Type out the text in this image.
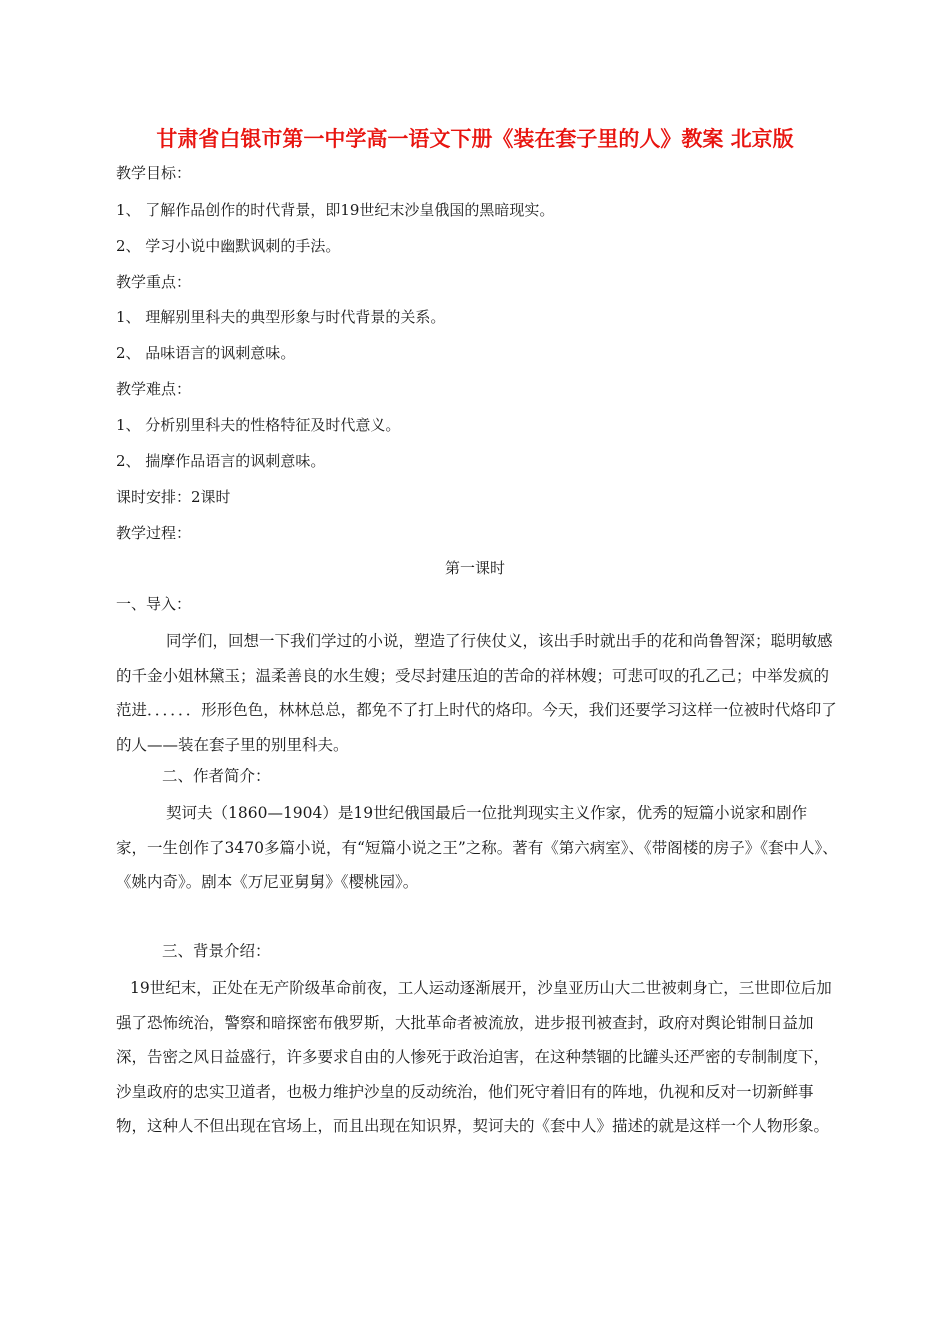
甘肃省白银市第一中学高一语文下册《装在套子里的人》教案 北京版
教学目标：
1、 了解作品创作的时代背景，即19世纪末沙皇俄国的黑暗现实。
2、 学习小说中幽默讽刺的手法。
教学重点：
1、 理解别里科夫的典型形象与时代背景的关系。
2、 品味语言的讽刺意味。
教学难点：
1、 分析别里科夫的性格特征及时代意义。
2、 揣摩作品语言的讽刺意味。
课时安排：2课时
教学过程：
第一课时
一、导入：
同学们，回想一下我们学过的小说，塑造了行侠仗义，该出手时就出手的花和尚鲁智深；聪明敏感的千金小姐林黛玉；温柔善良的水生嫂；受尽封建压迫的苦命的祥林嫂；可悲可叹的孔乙己；中举发疯的范进．．．．．．形形色色，林林总总，都免不了打上时代的烙印。今天，我们还要学习这样一位被时代烙印了的人——装在套子里的别里科夫。
二、作者简介：
契诃夫（1860—1904）是19世纪俄国最后一位批判现实主义作家，优秀的短篇小说家和剧作家，一生创作了3470多篇小说，有“短篇小说之王”之称。著有《第六病室》、《带阁楼的房子》《套中人》、《姚内奇》。剧本《万尼亚舅舅》《樱桃园》。
三、背景介绍：
19世纪末，正处在无产阶级革命前夜，工人运动逐渐展开，沙皇亚历山大二世被刺身亡，三世即位后加强了恐怖统治，警察和暗探密布俄罗斯，大批革命者被流放，进步报刊被查封，政府对舆论钳制日益加深，告密之风日益盛行，许多要求自由的人惨死于政治迫害，在这种禁锢的比罐头还严密的专制制度下，沙皇政府的忠实卫道者，也极力维护沙皇的反动统治，他们死守着旧有的阵地，仇视和反对一切新鲜事物，这种人不但出现在官场上，而且出现在知识界，契诃夫的《套中人》描述的就是这样一个人物形象。
